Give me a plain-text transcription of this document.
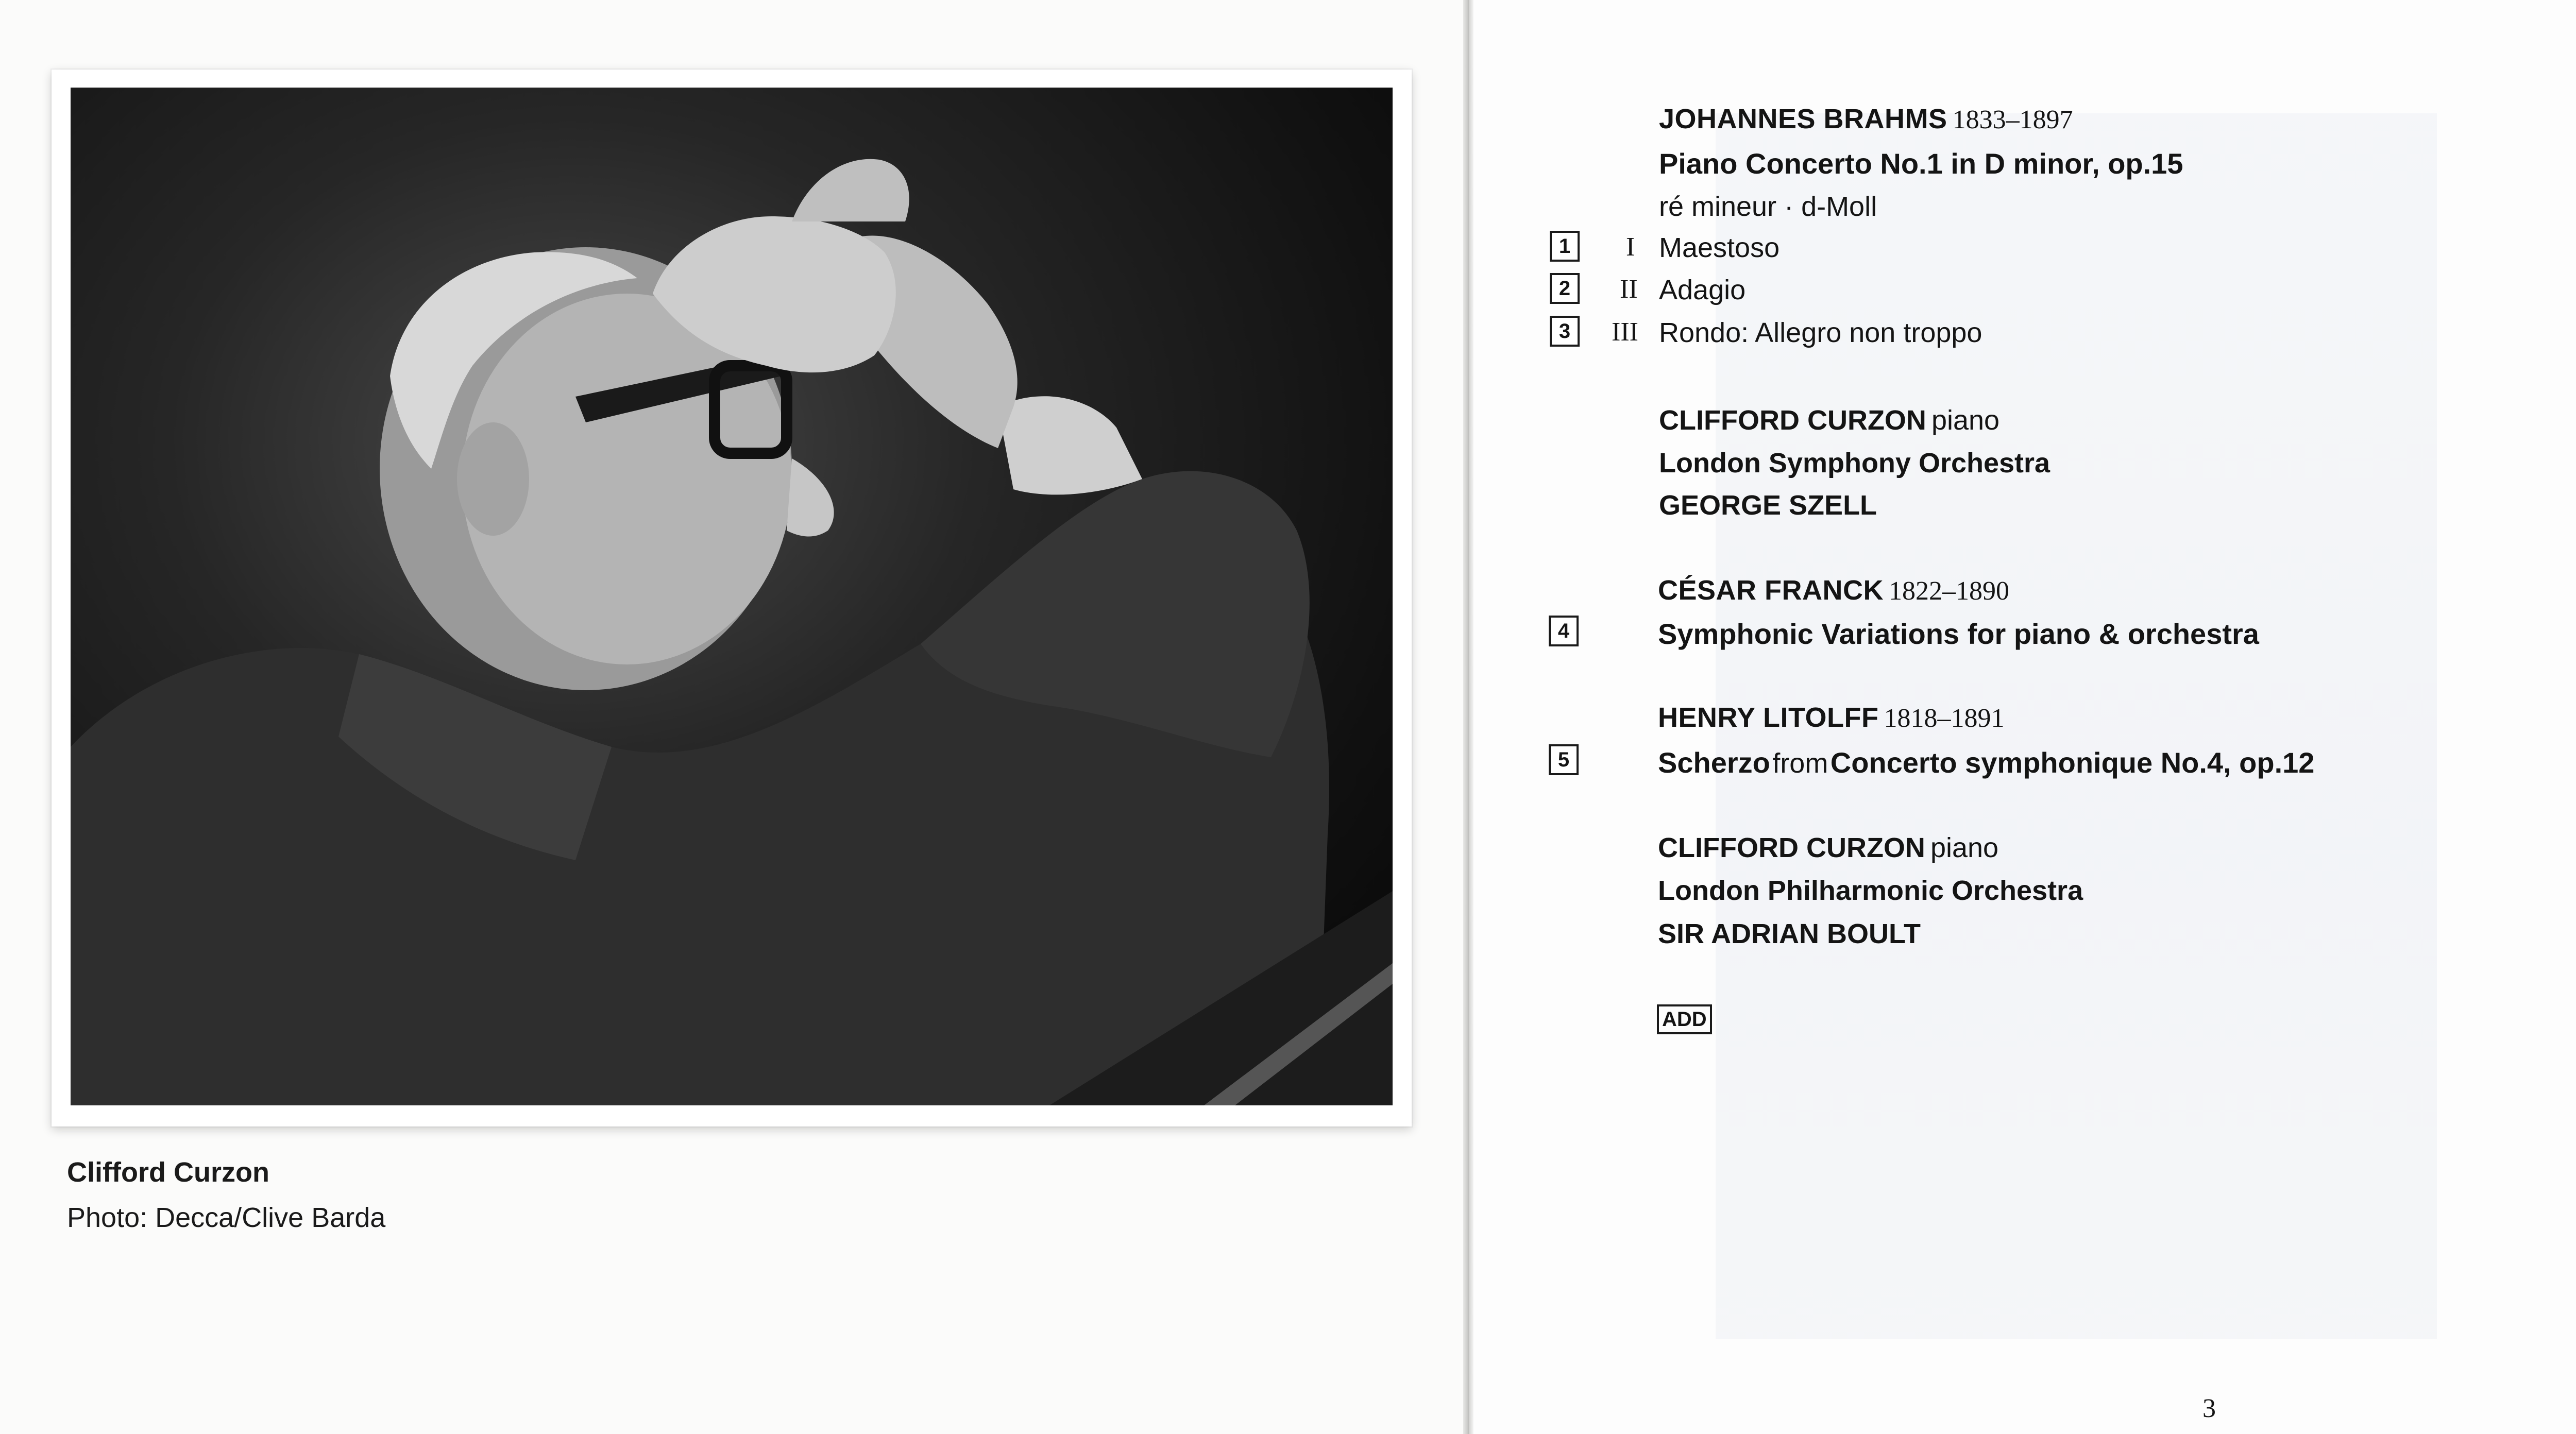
Clifford Curzon
Photo: Decca/Clive Barda
JOHANNES BRAHMS 1833–1897
Piano Concerto No.1 in D minor, op.15
ré mineur · d-Moll
1	I Maestoso
2	II Adagio
3	III Rondo: Allegro non troppo
CLIFFORD CURZON piano
London Symphony Orchestra
GEORGE SZELL
CÉSAR FRANCK 1822–1890
4	Symphonic Variations for piano & orchestra
HENRY LITOLFF 1818–1891
5	Scherzo from Concerto symphonique No.4, op.12
CLIFFORD CURZON piano
London Philharmonic Orchestra
SIR ADRIAN BOULT
ADD
3
